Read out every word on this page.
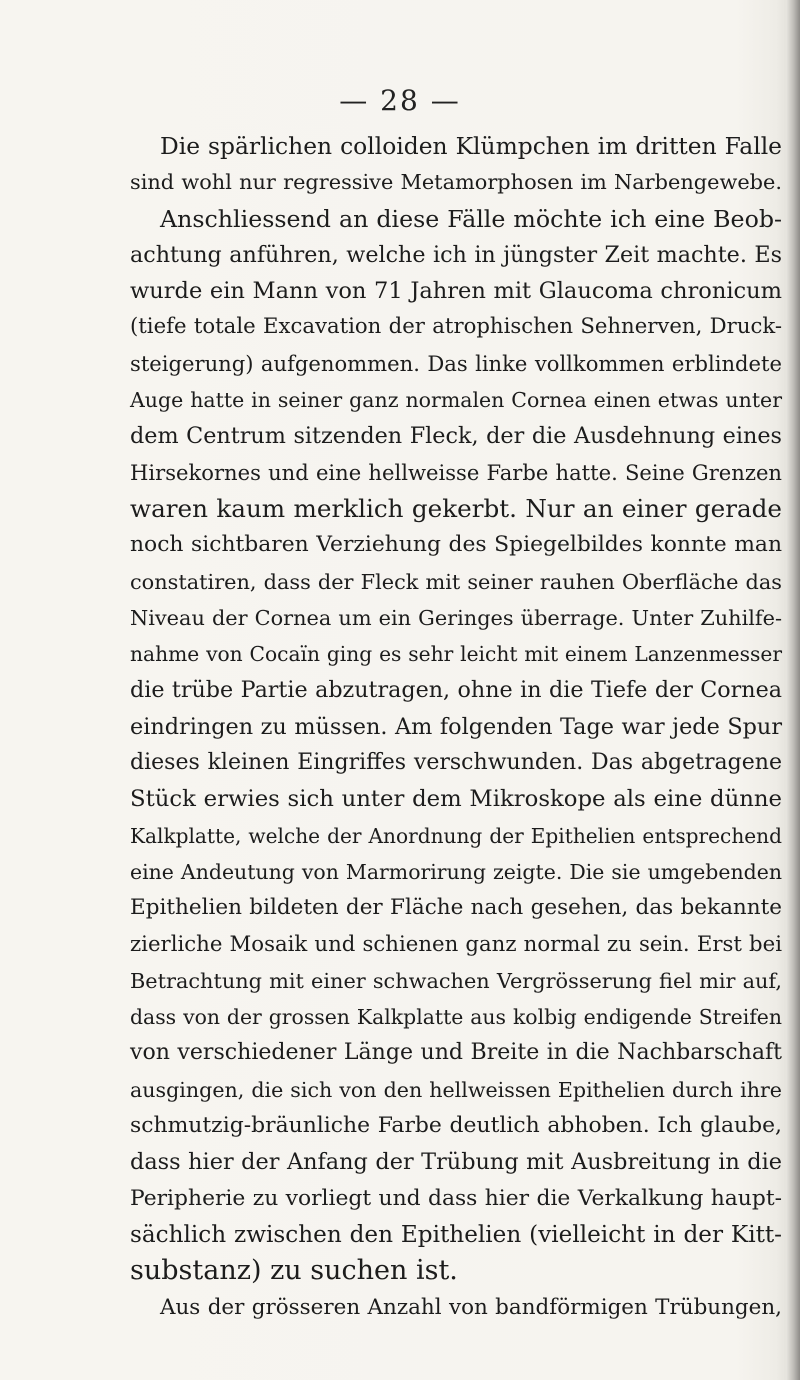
— 28 —
Die spärlichen colloiden Klümpchen im dritten Falle
sind wohl nur regressive Metamorphosen im Narbengewebe.
Anschliessend an diese Fälle möchte ich eine Beob-
achtung anführen, welche ich in jüngster Zeit machte. Es
wurde ein Mann von 71 Jahren mit Glaucoma chronicum
(tiefe totale Excavation der atrophischen Sehnerven, Druck-
steigerung) aufgenommen. Das linke vollkommen erblindete
Auge hatte in seiner ganz normalen Cornea einen etwas unter
dem Centrum sitzenden Fleck, der die Ausdehnung eines
Hirsekornes und eine hellweisse Farbe hatte. Seine Grenzen
waren kaum merklich gekerbt. Nur an einer gerade
noch sichtbaren Verziehung des Spiegelbildes konnte man
constatiren, dass der Fleck mit seiner rauhen Oberfläche das
Niveau der Cornea um ein Geringes überrage. Unter Zuhilfe-
nahme von Cocaïn ging es sehr leicht mit einem Lanzenmesser
die trübe Partie abzutragen, ohne in die Tiefe der Cornea
eindringen zu müssen. Am folgenden Tage war jede Spur
dieses kleinen Eingriffes verschwunden. Das abgetragene
Stück erwies sich unter dem Mikroskope als eine dünne
Kalkplatte, welche der Anordnung der Epithelien entsprechend
eine Andeutung von Marmorirung zeigte. Die sie umgebenden
Epithelien bildeten der Fläche nach gesehen, das bekannte
zierliche Mosaik und schienen ganz normal zu sein. Erst bei
Betrachtung mit einer schwachen Vergrösserung fiel mir auf,
dass von der grossen Kalkplatte aus kolbig endigende Streifen
von verschiedener Länge und Breite in die Nachbarschaft
ausgingen, die sich von den hellweissen Epithelien durch ihre
schmutzig-bräunliche Farbe deutlich abhoben. Ich glaube,
dass hier der Anfang der Trübung mit Ausbreitung in die
Peripherie zu vorliegt und dass hier die Verkalkung haupt-
sächlich zwischen den Epithelien (vielleicht in der Kitt-
substanz) zu suchen ist.
Aus der grösseren Anzahl von bandförmigen Trübungen,
